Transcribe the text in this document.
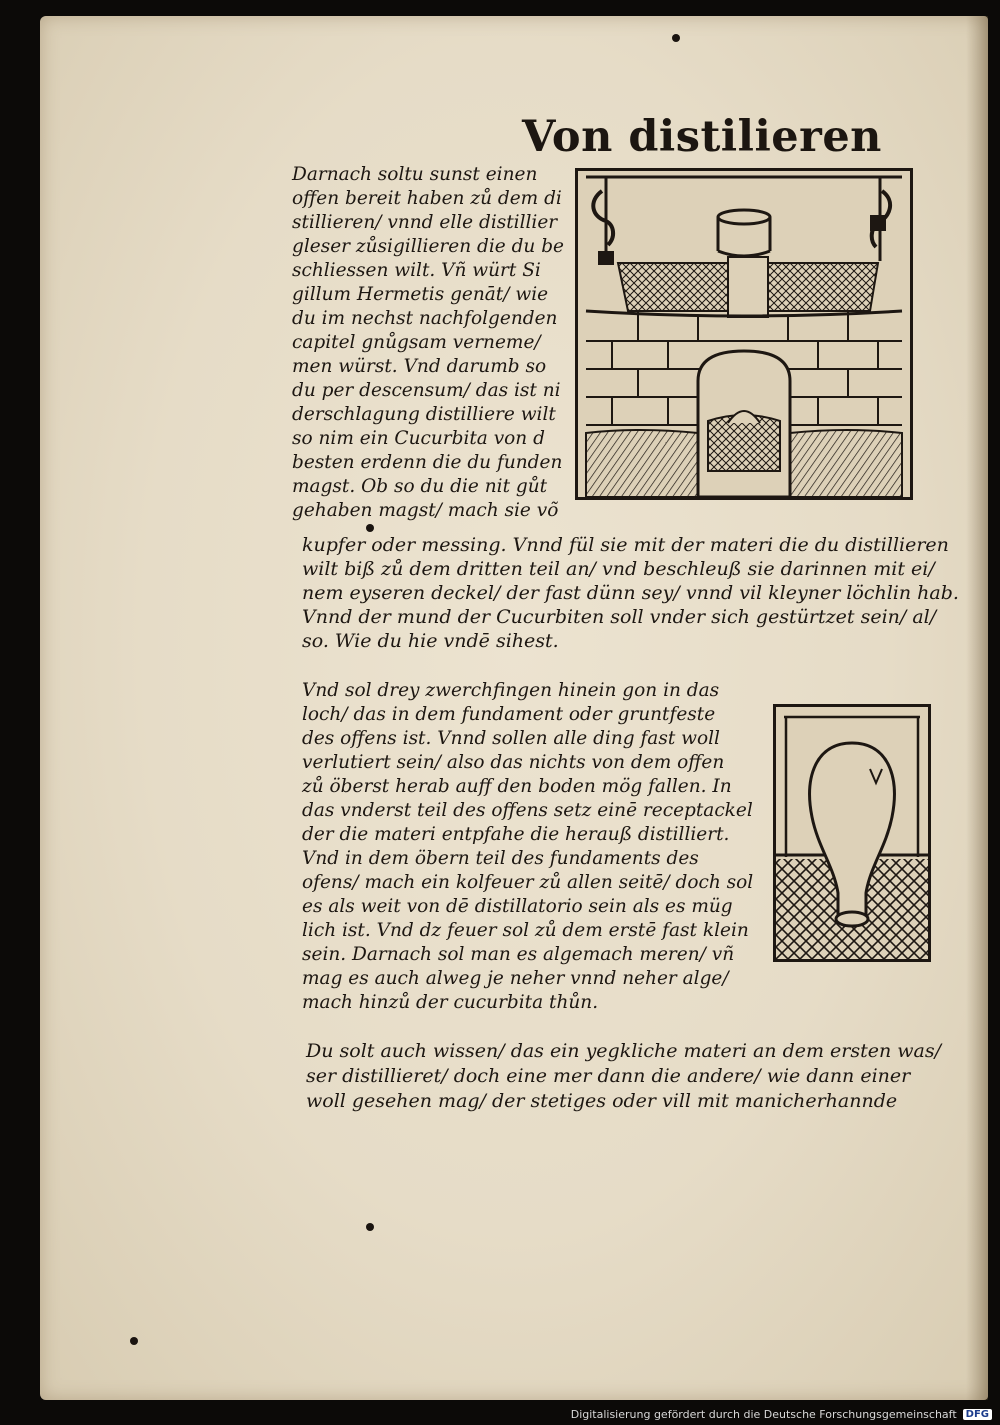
Von distilieren
Darnach soltu sunst einen
offen bereit haben zů dem di
stillieren/ vnnd elle distillier
gleser zůsigillieren die du be
schliessen wilt. Vñ würt Si
gillum Hermetis genāt/ wie
du im nechst nachfolgenden
capitel gnůgsam verneme/
men würst. Vnd darumb so
du per descensum/ das ist ni
derschlagung distilliere wilt
so nim ein Cucurbita von d
besten erdenn die du funden
magst. Ob so du die nit gůt
gehaben magst/ mach sie võ
kupfer oder messing. Vnnd fül sie mit der materi die du distillieren
wilt biß zů dem dritten teil an/ vnd beschleuß sie darinnen mit ei/
nem eyseren deckel/ der fast dünn sey/ vnnd vil kleyner löchlin hab.
Vnnd der mund der Cucurbiten soll vnder sich gestürtzet sein/ al/
so. Wie du hie vndē sihest.
Vnd sol drey zwerchfingen hinein gon in das
loch/ das in dem fundament oder gruntfeste
des offens ist. Vnnd sollen alle ding fast woll
verlutiert sein/ also das nichts von dem offen
zů öberst herab auff den boden mög fallen. In
das vnderst teil des offens setz einē receptackel
der die materi entpfahe die herauß distilliert.
Vnd in dem öbern teil des fundaments des
ofens/ mach ein kolfeuer zů allen seitē/ doch sol
es als weit von dē distillatorio sein als es müg
lich ist. Vnd dz feuer sol zů dem erstē fast klein
sein. Darnach sol man es algemach meren/ vñ
mag es auch alweg je neher vnnd neher alge/
mach hinzů der cucurbita thůn.
Du solt auch wissen/ das ein yegkliche materi an dem ersten was/
ser distillieret/ doch eine mer dann die andere/ wie dann einer
woll gesehen mag/ der stetiges oder vill mit manicherhannde
Digitalisierung gefördert durch die Deutsche Forschungsgemeinschaft DFG
